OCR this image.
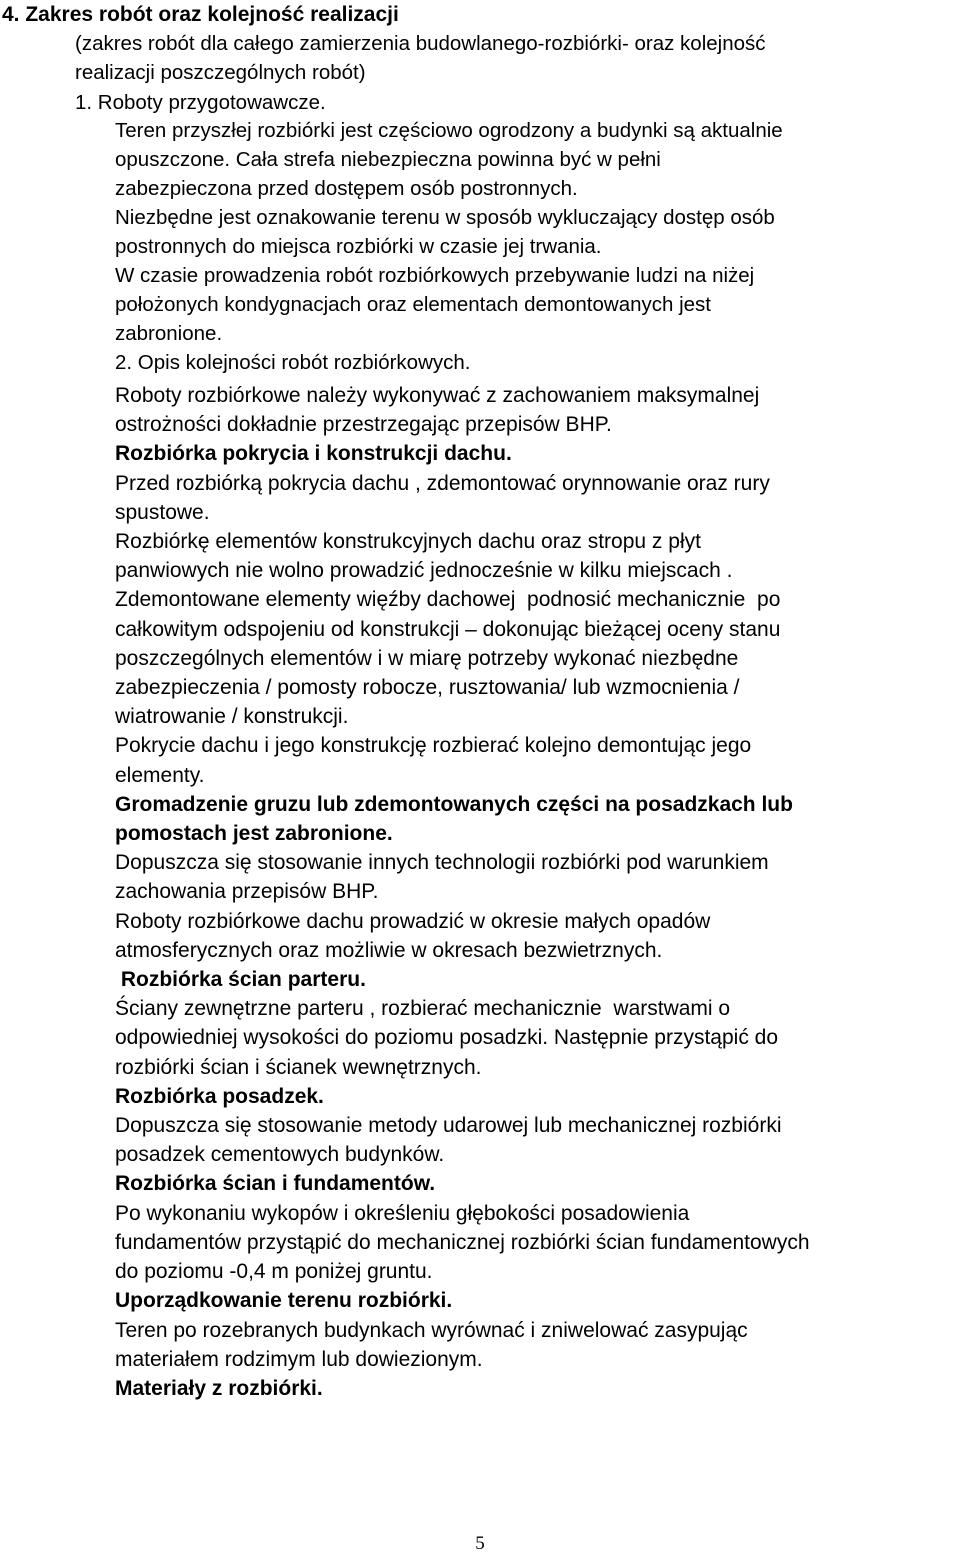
4. Zakres robót oraz kolejność realizacji
(zakres robót dla całego zamierzenia budowlanego-rozbiórki- oraz kolejność
realizacji poszczególnych robót)
1. Roboty przygotowawcze.
Teren przyszłej rozbiórki jest częściowo ogrodzony a budynki są aktualnie
opuszczone. Cała strefa niebezpieczna powinna być w pełni
zabezpieczona przed dostępem osób postronnych.
Niezbędne jest oznakowanie terenu w sposób wykluczający dostęp osób
postronnych do miejsca rozbiórki w czasie jej trwania.
W czasie prowadzenia robót rozbiórkowych przebywanie ludzi na niżej
położonych kondygnacjach oraz elementach demontowanych jest
zabronione.
2. Opis kolejności robót rozbiórkowych.
Roboty rozbiórkowe należy wykonywać z zachowaniem maksymalnej
ostrożności dokładnie przestrzegając przepisów BHP.
Rozbiórka pokrycia i konstrukcji dachu.
Przed rozbiórką pokrycia dachu , zdemontować orynnowanie oraz rury
spustowe.
Rozbiórkę elementów konstrukcyjnych dachu oraz stropu z płyt
panwiowych nie wolno prowadzić jednocześnie w kilku miejscach .
Zdemontowane elementy więźby dachowej  podnosić mechanicznie  po
całkowitym odspojeniu od konstrukcji – dokonując bieżącej oceny stanu
poszczególnych elementów i w miarę potrzeby wykonać niezbędne
zabezpieczenia / pomosty robocze, rusztowania/ lub wzmocnienia /
wiatrowanie / konstrukcji.
Pokrycie dachu i jego konstrukcję rozbierać kolejno demontując jego
elementy.
Gromadzenie gruzu lub zdemontowanych części na posadzkach lub
pomostach jest zabronione.
Dopuszcza się stosowanie innych technologii rozbiórki pod warunkiem
zachowania przepisów BHP.
Roboty rozbiórkowe dachu prowadzić w okresie małych opadów
atmosferycznych oraz możliwie w okresach bezwietrznych.
Rozbiórka ścian parteru.
Ściany zewnętrzne parteru , rozbierać mechanicznie  warstwami o
odpowiedniej wysokości do poziomu posadzki. Następnie przystąpić do
rozbiórki ścian i ścianek wewnętrznych.
Rozbiórka posadzek.
Dopuszcza się stosowanie metody udarowej lub mechanicznej rozbiórki
posadzek cementowych budynków.
Rozbiórka ścian i fundamentów.
Po wykonaniu wykopów i określeniu głębokości posadowienia
fundamentów przystąpić do mechanicznej rozbiórki ścian fundamentowych
do poziomu -0,4 m poniżej gruntu.
Uporządkowanie terenu rozbiórki.
Teren po rozebranych budynkach wyrównać i zniwelować zasypując
materiałem rodzimym lub dowiezionym.
Materiały z rozbiórki.
5
